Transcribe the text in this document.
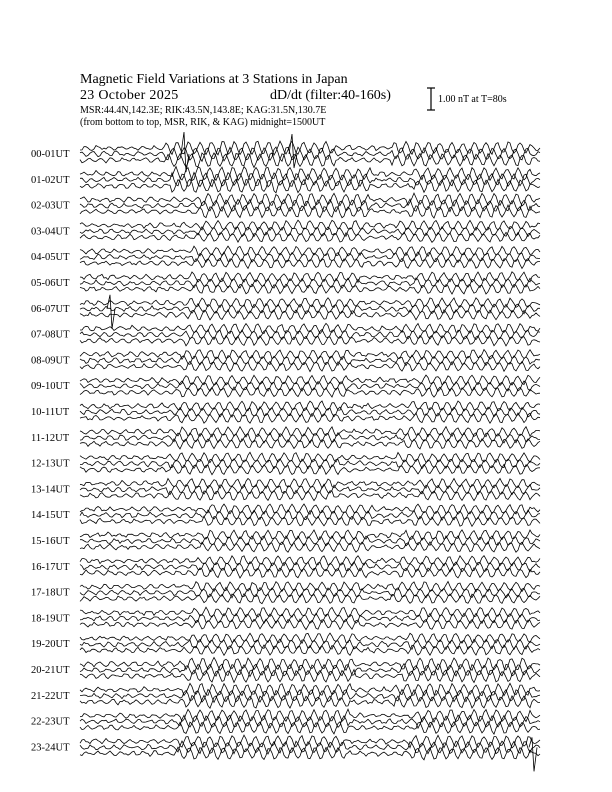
Magnetic Field Variations at 3 Stations in Japan
23 October 2025	dD/dt (filter:40-160s)
MSR:44.4N,142.3E; RIK:43.5N,143.8E; KAG:31.5N,130.7E
(from bottom to top, MSR, RIK, & KAG) midnight=1500UT
1.00 nT at T=80s
00-01UT
01-02UT
02-03UT
03-04UT
04-05UT
05-06UT
06-07UT
07-08UT
08-09UT
09-10UT
10-11UT
11-12UT
12-13UT
13-14UT
14-15UT
15-16UT
16-17UT
17-18UT
18-19UT
19-20UT
20-21UT
21-22UT
22-23UT
23-24UT
